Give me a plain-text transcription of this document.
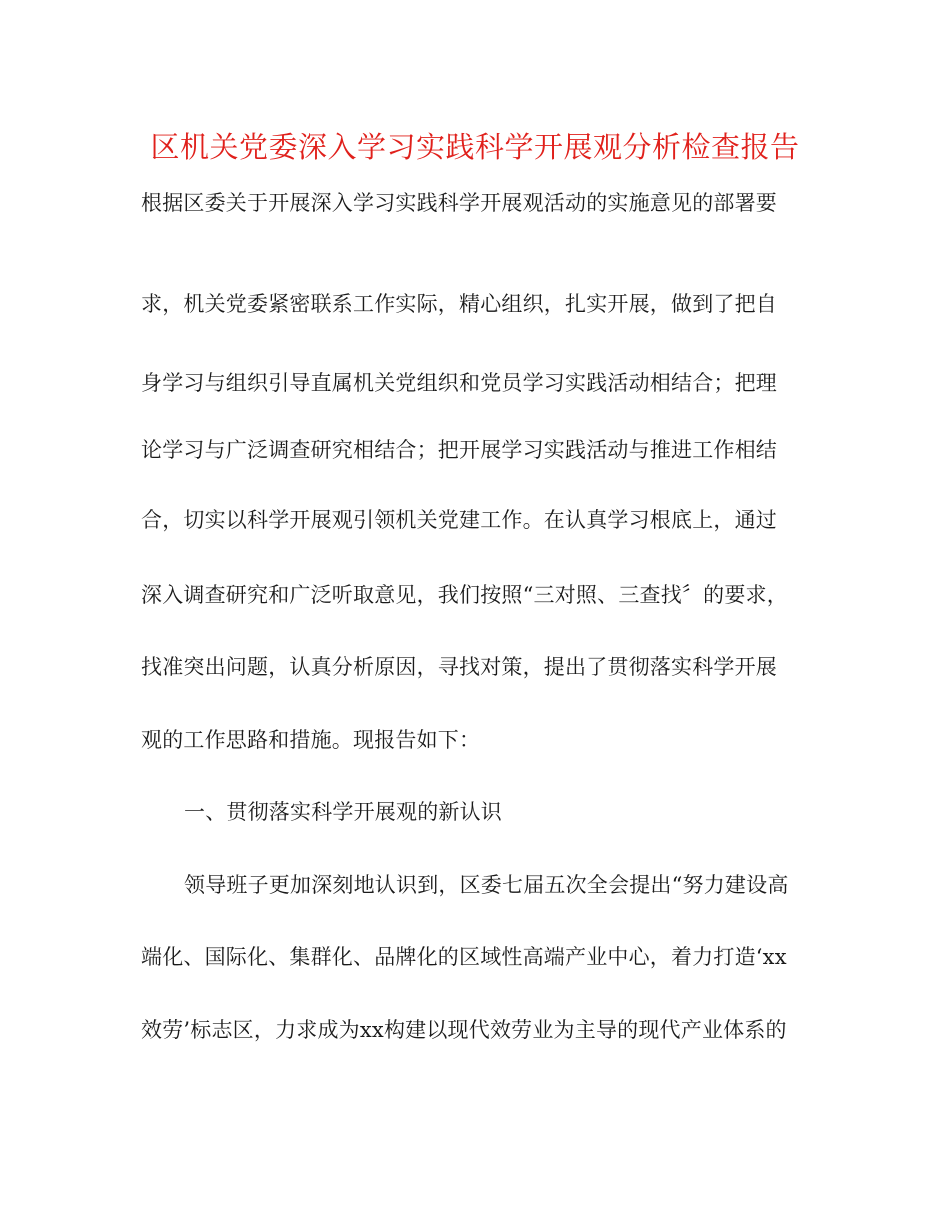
区机关党委深入学习实践科学开展观分析检查报告
根据区委关于开展深入学习实践科学开展观活动的实施意见的部署要
求，机关党委紧密联系工作实际，精心组织，扎实开展，做到了把自
身学习与组织引导直属机关党组织和党员学习实践活动相结合；把理
论学习与广泛调查研究相结合；把开展学习实践活动与推进工作相结
合，切实以科学开展观引领机关党建工作。在认真学习根底上，通过
深入调查研究和广泛听取意见，我们按照“三对照、三查找〞的要求，
找准突出问题，认真分析原因，寻找对策，提出了贯彻落实科学开展
观的工作思路和措施。现报告如下：
一、贯彻落实科学开展观的新认识
领导班子更加深刻地认识到，区委七届五次全会提出“努力建设高
端化、国际化、集群化、品牌化的区域性高端产业中心，着力打造‘xx
效劳’标志区，力求成为xx构建以现代效劳业为主导的现代产业体系的
